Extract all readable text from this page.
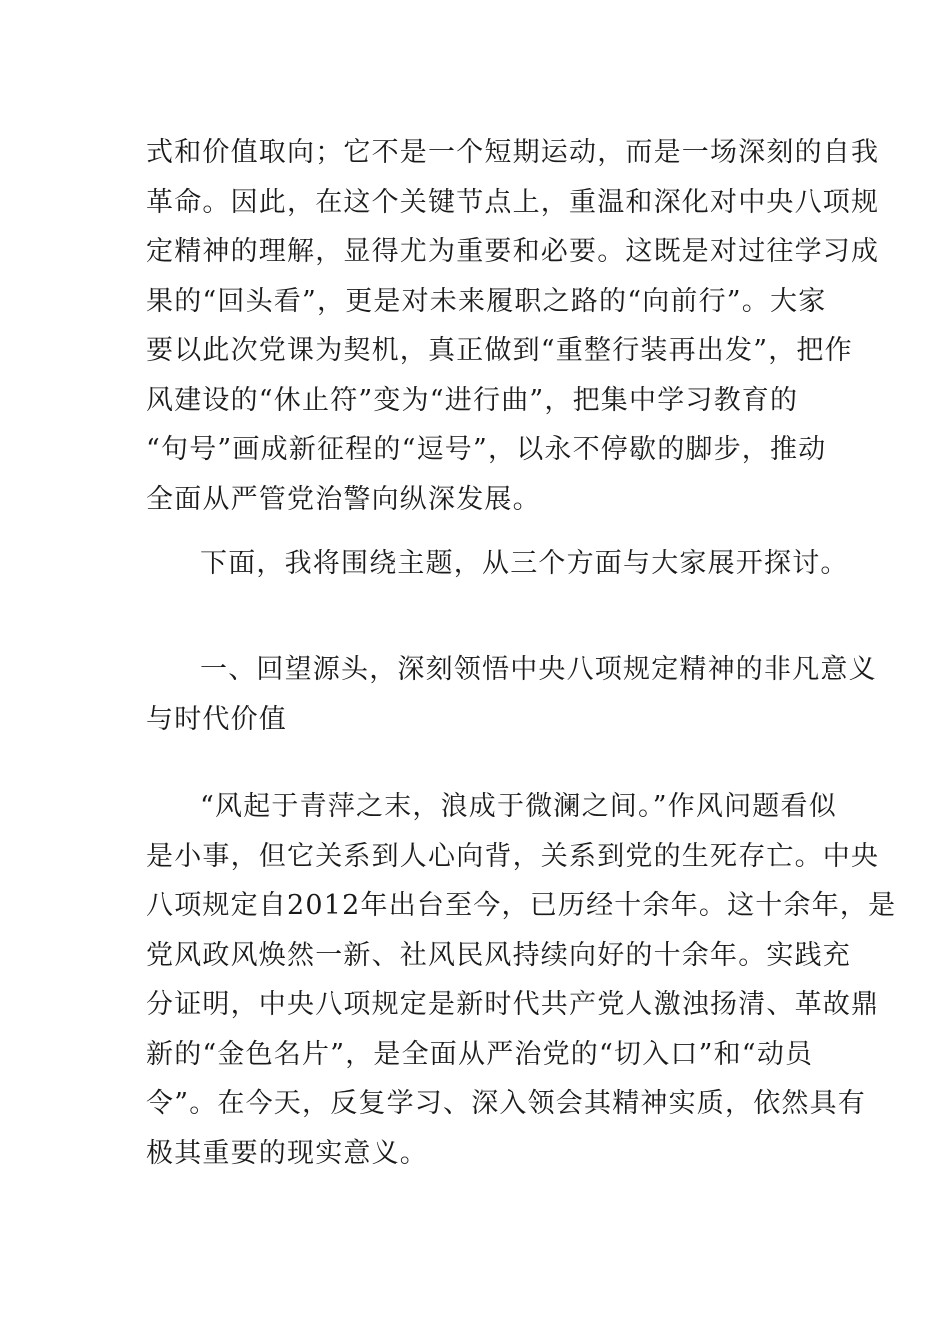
式和价值取向；它不是一个短期运动，而是一场深刻的自我
革命。因此，在这个关键节点上，重温和深化对中央八项规
定精神的理解，显得尤为重要和必要。这既是对过往学习成
果的“回头看”，更是对未来履职之路的“向前行”。大家
要以此次党课为契机，真正做到“重整行装再出发”，把作
风建设的“休止符”变为“进行曲”，把集中学习教育的
“句号”画成新征程的“逗号”，以永不停歇的脚步，推动
全面从严管党治警向纵深发展。

下面，我将围绕主题，从三个方面与大家展开探讨。

一、回望源头，深刻领悟中央八项规定精神的非凡意义
与时代价值

“风起于青萍之末，浪成于微澜之间。”作风问题看似
是小事，但它关系到人心向背，关系到党的生死存亡。中央
八项规定自2012年出台至今，已历经十余年。这十余年，是
党风政风焕然一新、社风民风持续向好的十余年。实践充
分证明，中央八项规定是新时代共产党人激浊扬清、革故鼎
新的“金色名片”，是全面从严治党的“切入口”和“动员
令”。在今天，反复学习、深入领会其精神实质，依然具有
极其重要的现实意义。
